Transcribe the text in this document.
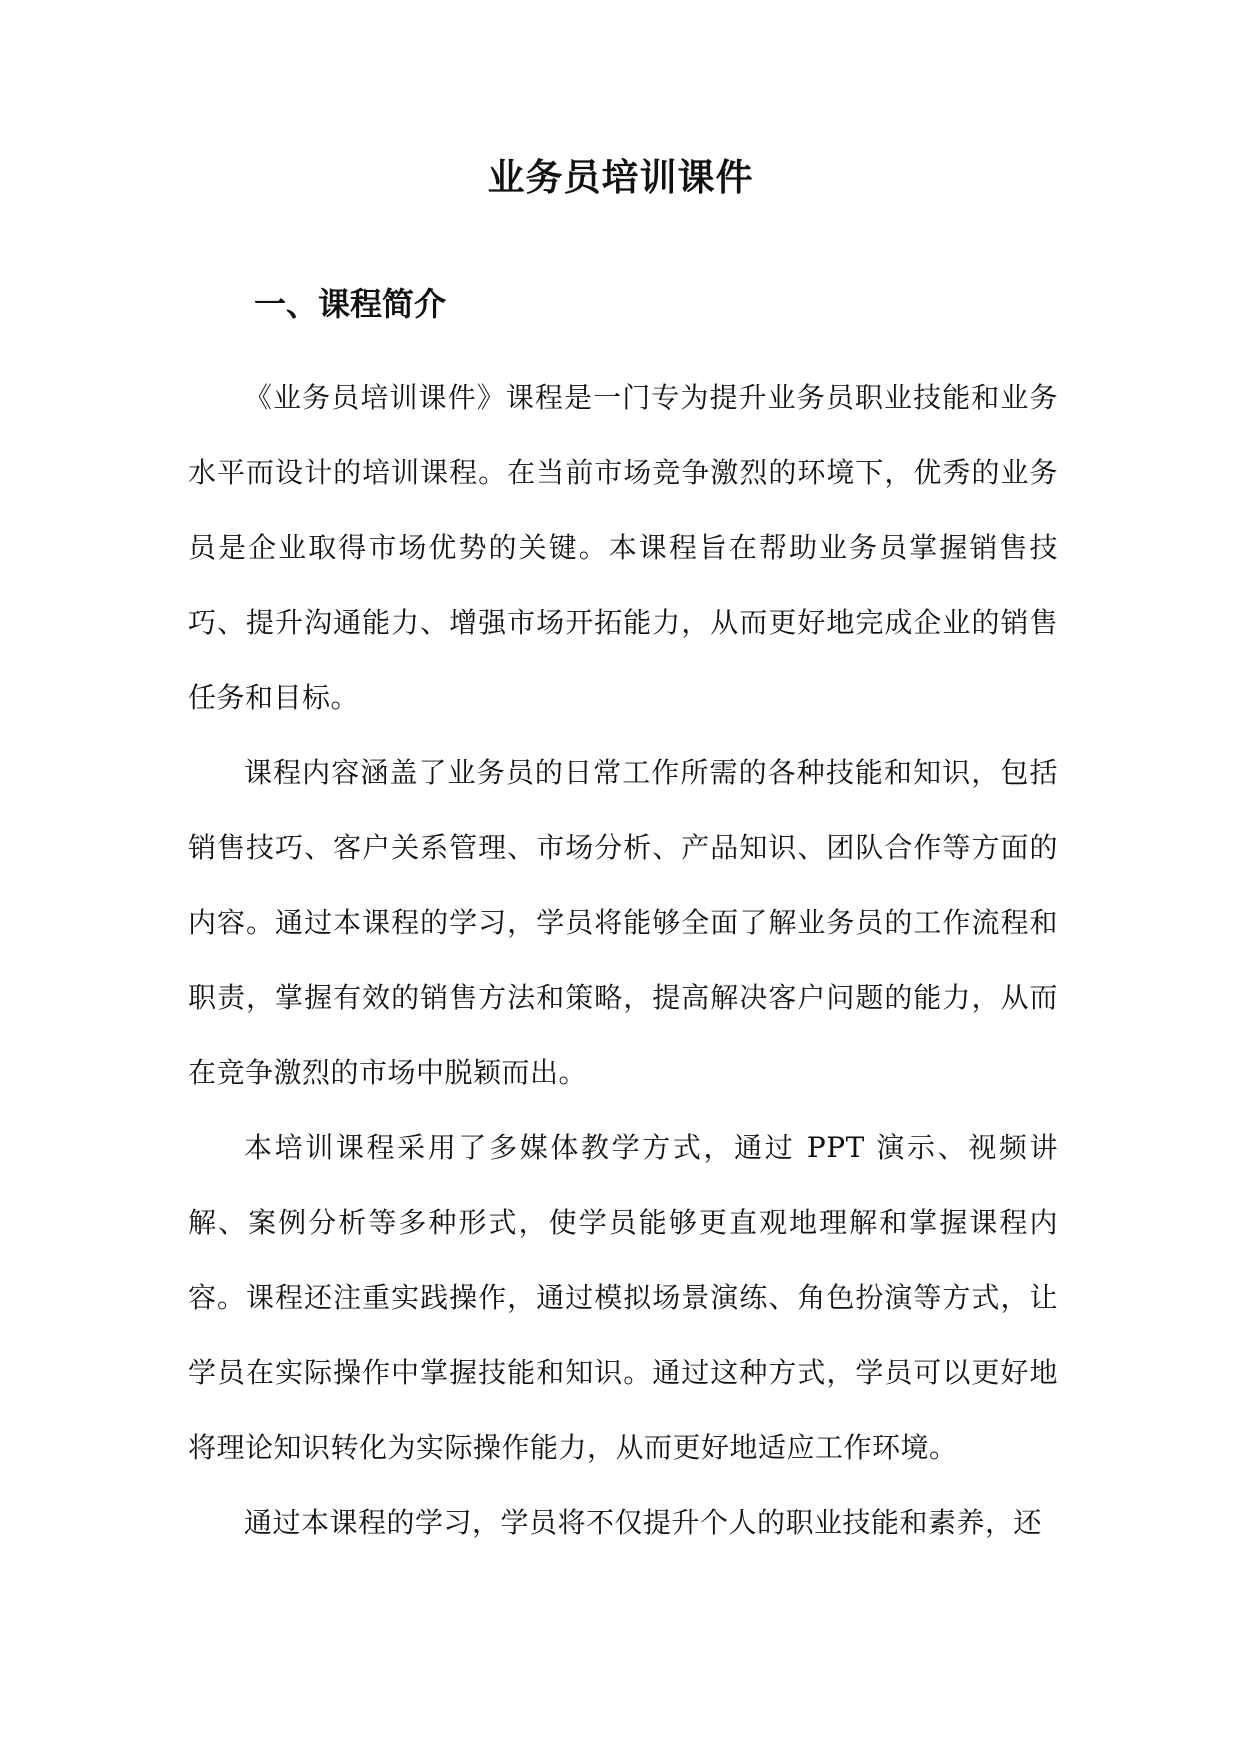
业务员培训课件
一、课程简介

《业务员培训课件》课程是一门专为提升业务员职业技能和业务水平而设计的培训课程。在当前市场竞争激烈的环境下，优秀的业务员是企业取得市场优势的关键。本课程旨在帮助业务员掌握销售技巧、提升沟通能力、增强市场开拓能力，从而更好地完成企业的销售任务和目标。

课程内容涵盖了业务员的日常工作所需的各种技能和知识，包括销售技巧、客户关系管理、市场分析、产品知识、团队合作等方面的内容。通过本课程的学习，学员将能够全面了解业务员的工作流程和职责，掌握有效的销售方法和策略，提高解决客户问题的能力，从而在竞争激烈的市场中脱颖而出。

本培训课程采用了多媒体教学方式，通过 PPT 演示、视频讲解、案例分析等多种形式，使学员能够更直观地理解和掌握课程内容。课程还注重实践操作，通过模拟场景演练、角色扮演等方式，让学员在实际操作中掌握技能和知识。通过这种方式，学员可以更好地将理论知识转化为实际操作能力，从而更好地适应工作环境。

通过本课程的学习，学员将不仅提升个人的职业技能和素养，还
